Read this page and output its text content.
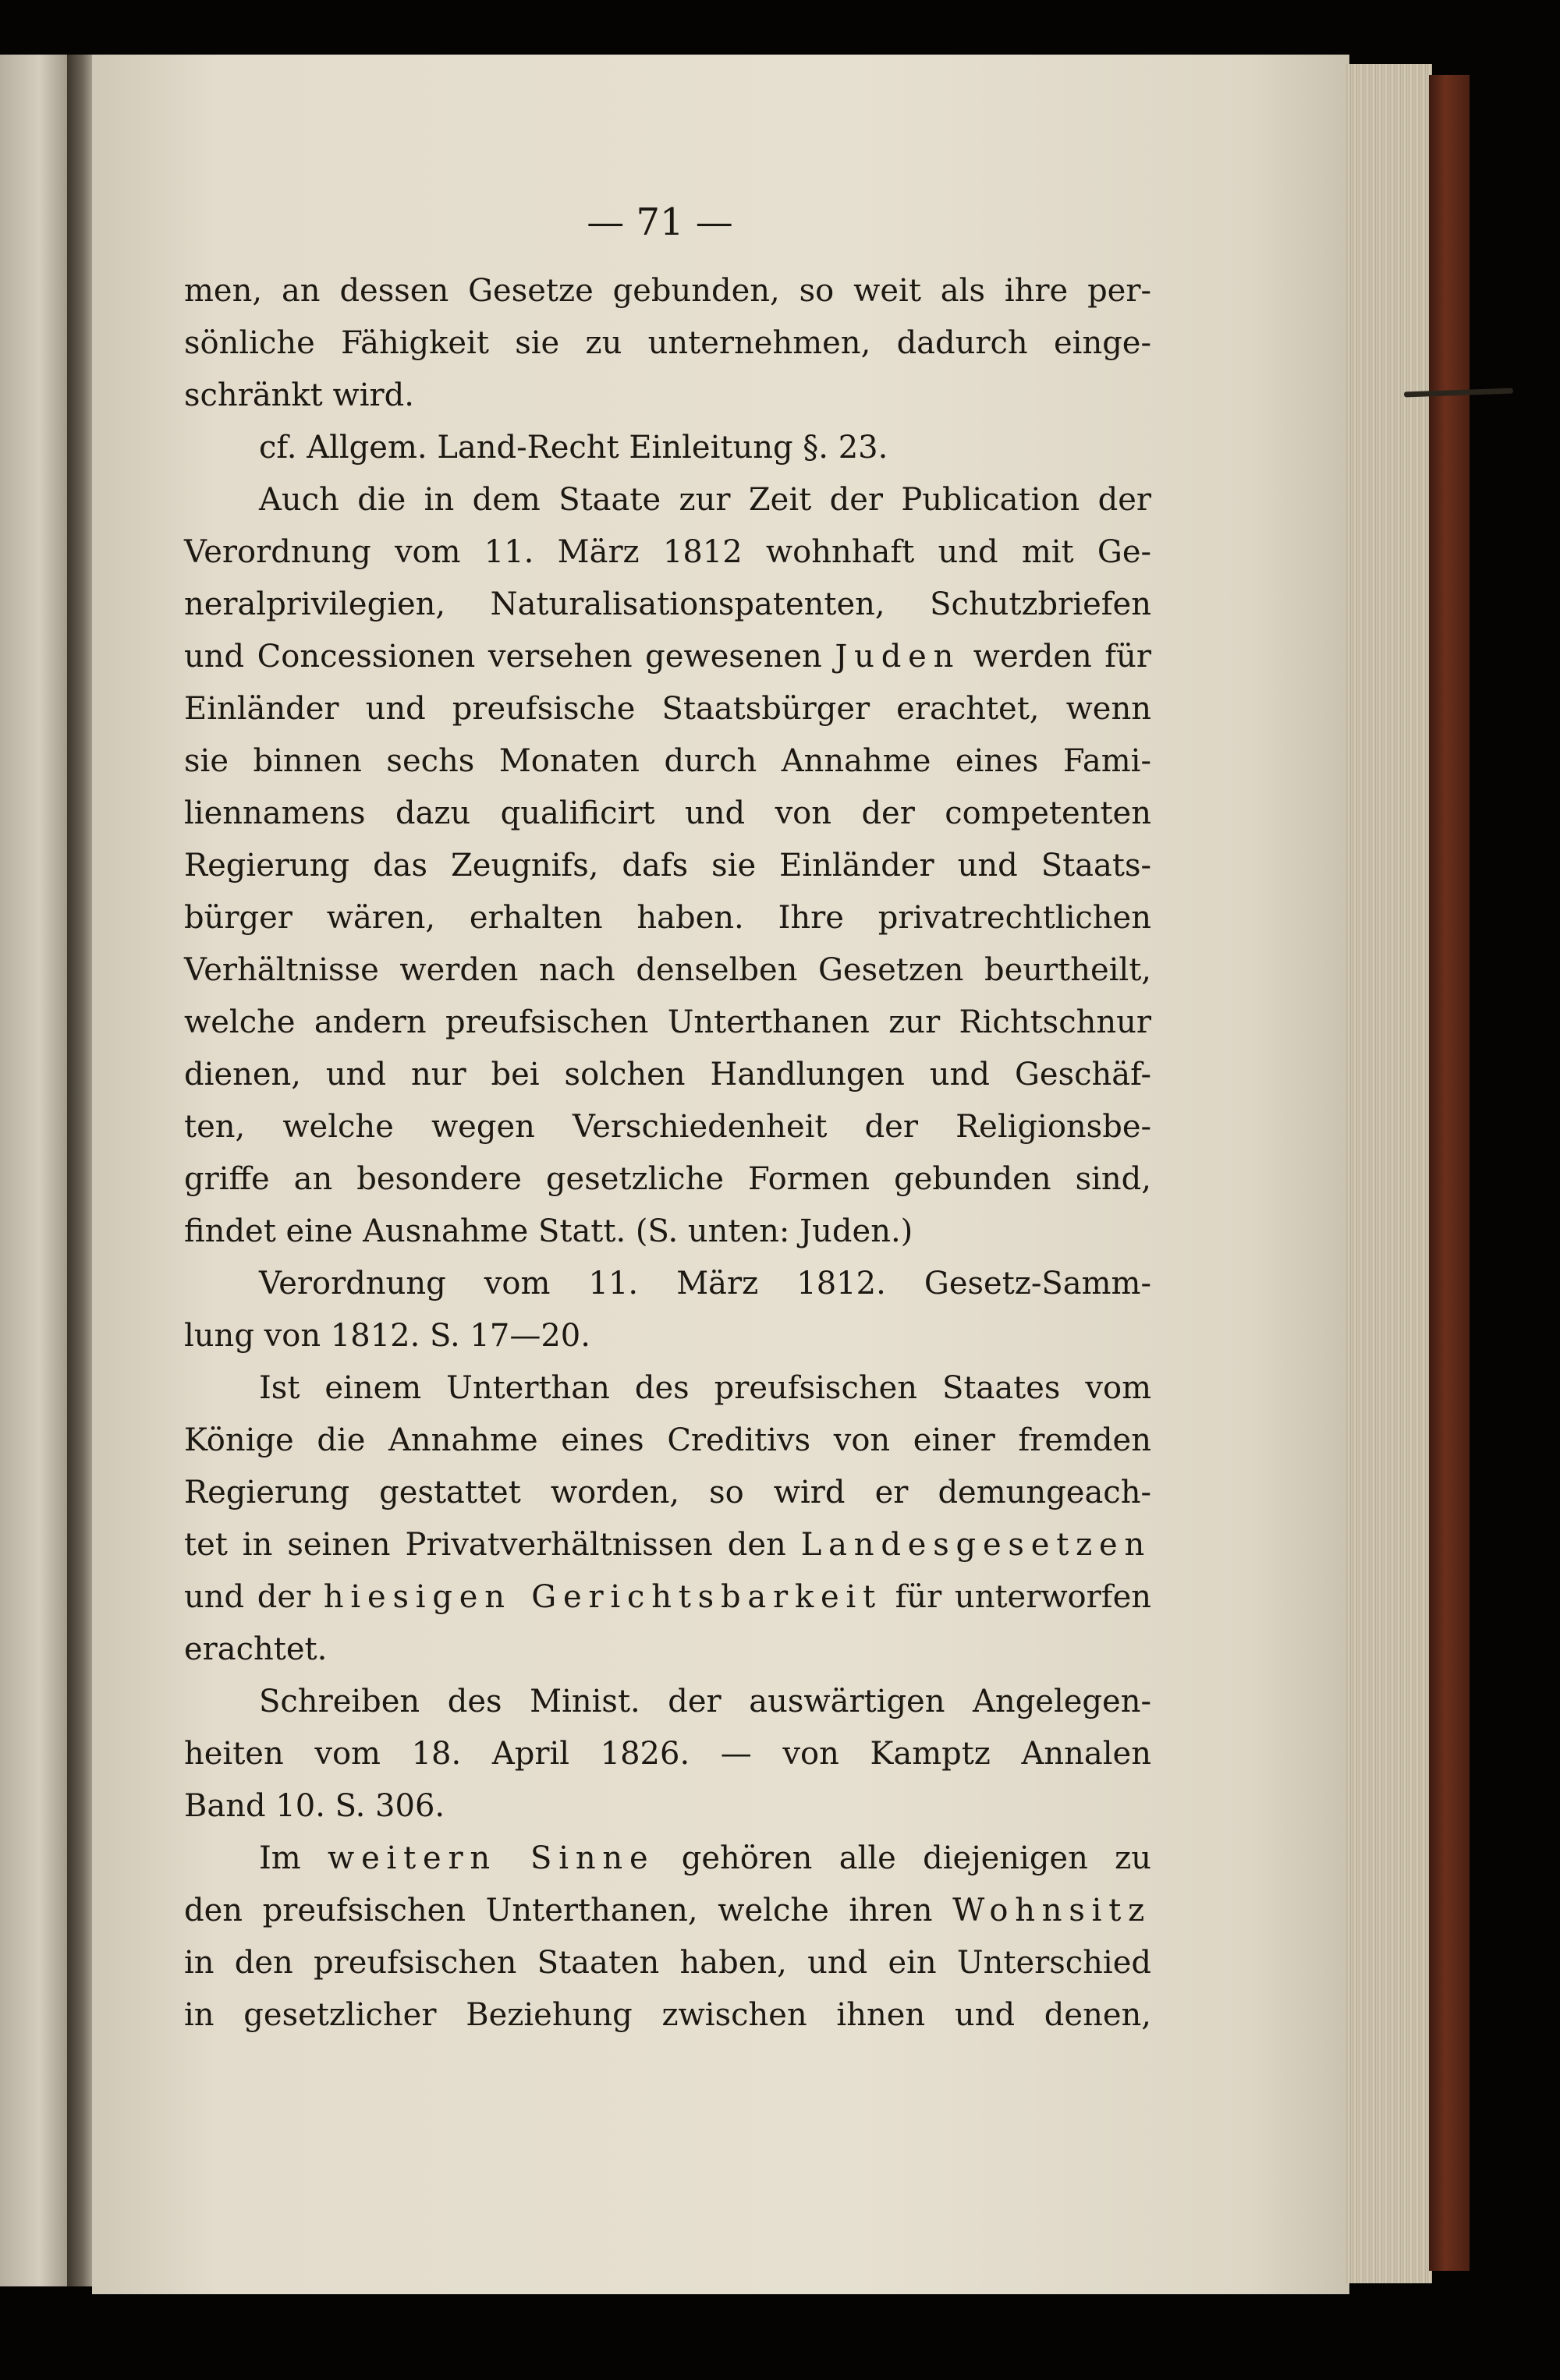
— 71 —
men, an dessen Gesetze gebunden, so weit als ihre per-
sönliche Fähigkeit sie zu unternehmen, dadurch einge-
schränkt wird.
cf. Allgem. Land-Recht Einleitung §. 23.
Auch die in dem Staate zur Zeit der Publication der
Verordnung vom 11. März 1812 wohnhaft und mit Ge-
neralprivilegien, Naturalisationspatenten, Schutzbriefen
und Concessionen versehen gewesenen Juden werden für
Einländer und preufsische Staatsbürger erachtet, wenn
sie binnen sechs Monaten durch Annahme eines Fami-
liennamens dazu qualificirt und von der competenten
Regierung das Zeugnifs, dafs sie Einländer und Staats-
bürger wären, erhalten haben. Ihre privatrechtlichen
Verhältnisse werden nach denselben Gesetzen beurtheilt,
welche andern preufsischen Unterthanen zur Richtschnur
dienen, und nur bei solchen Handlungen und Geschäf-
ten, welche wegen Verschiedenheit der Religionsbe-
griffe an besondere gesetzliche Formen gebunden sind,
findet eine Ausnahme Statt. (S. unten: Juden.)
Verordnung vom 11. März 1812. Gesetz-Samm-
lung von 1812. S. 17—20.
Ist einem Unterthan des preufsischen Staates vom
Könige die Annahme eines Creditivs von einer fremden
Regierung gestattet worden, so wird er demungeach-
tet in seinen Privatverhältnissen den Landesgesetzen
und der hiesigen Gerichtsbarkeit für unterworfen
erachtet.
Schreiben des Minist. der auswärtigen Angelegen-
heiten vom 18. April 1826. — von Kamptz Annalen
Band 10. S. 306.
Im weitern Sinne gehören alle diejenigen zu
den preufsischen Unterthanen, welche ihren Wohnsitz
in den preufsischen Staaten haben, und ein Unterschied
in gesetzlicher Beziehung zwischen ihnen und denen,
